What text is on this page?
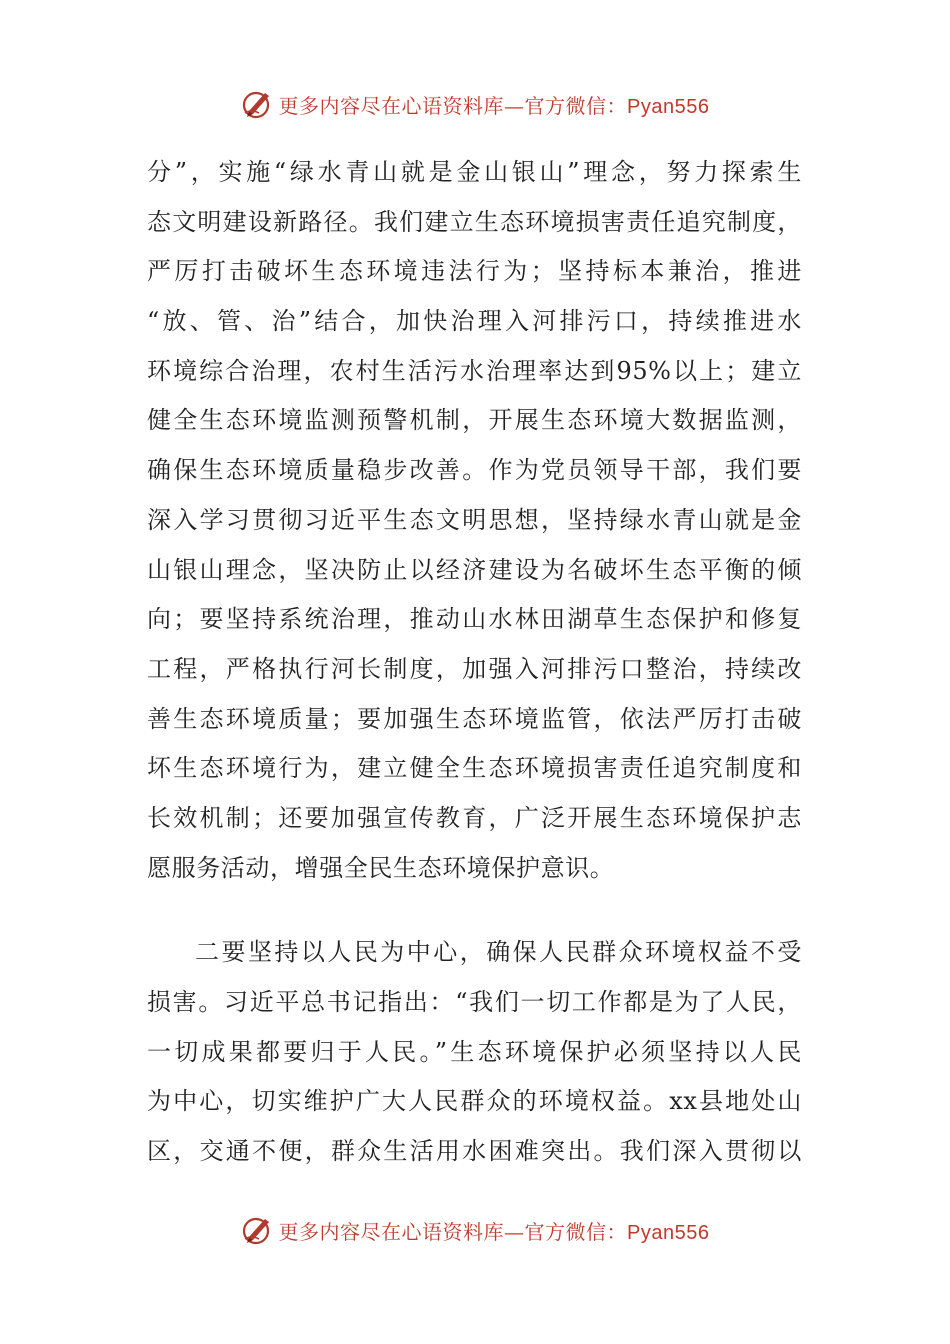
更多内容尽在心语资料库—官方微信：Pyan556
分”，实施“绿水青山就是金山银山”理念，努力探索生
态文明建设新路径。我们建立生态环境损害责任追究制度，
严厉打击破坏生态环境违法行为；坚持标本兼治，推进
“放、管、治”结合，加快治理入河排污口，持续推进水
环境综合治理，农村生活污水治理率达到95%以上；建立
健全生态环境监测预警机制，开展生态环境大数据监测，
确保生态环境质量稳步改善。作为党员领导干部，我们要
深入学习贯彻习近平生态文明思想，坚持绿水青山就是金
山银山理念，坚决防止以经济建设为名破坏生态平衡的倾
向；要坚持系统治理，推动山水林田湖草生态保护和修复
工程，严格执行河长制度，加强入河排污口整治，持续改
善生态环境质量；要加强生态环境监管，依法严厉打击破
坏生态环境行为，建立健全生态环境损害责任追究制度和
长效机制；还要加强宣传教育，广泛开展生态环境保护志
愿服务活动，增强全民生态环境保护意识。
二要坚持以人民为中心，确保人民群众环境权益不受
损害。习近平总书记指出：“我们一切工作都是为了人民，
一切成果都要归于人民。”生态环境保护必须坚持以人民
为中心，切实维护广大人民群众的环境权益。xx县地处山
区，交通不便，群众生活用水困难突出。我们深入贯彻以
更多内容尽在心语资料库—官方微信：Pyan556
